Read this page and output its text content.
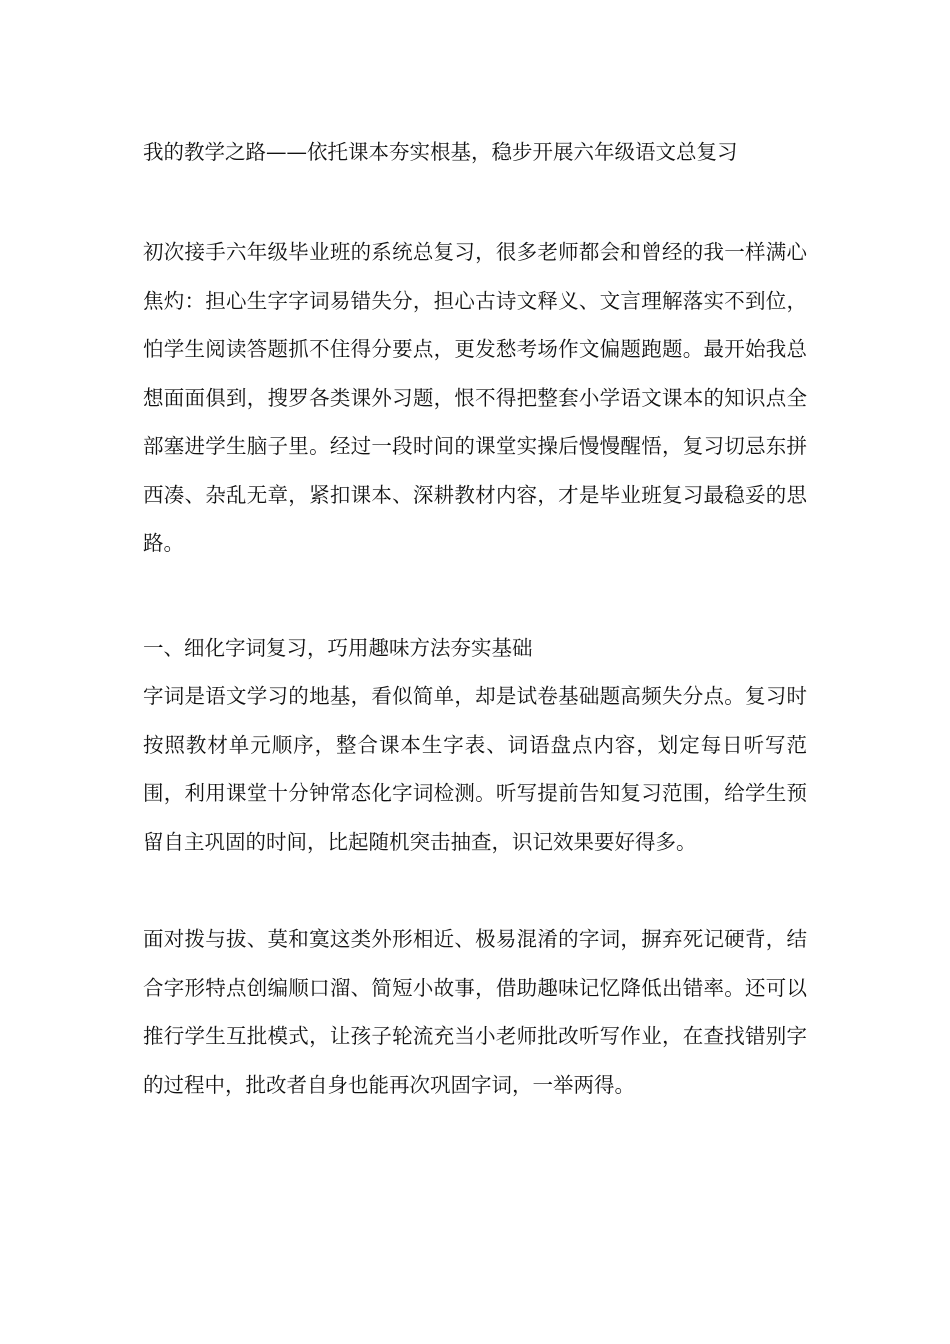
我的教学之路——依托课本夯实根基，稳步开展六年级语文总复习

初次接手六年级毕业班的系统总复习，很多老师都会和曾经的我一样满心焦灼：担心生字字词易错失分，担心古诗文释义、文言理解落实不到位，怕学生阅读答题抓不住得分要点，更发愁考场作文偏题跑题。最开始我总想面面俱到，搜罗各类课外习题，恨不得把整套小学语文课本的知识点全部塞进学生脑子里。经过一段时间的课堂实操后慢慢醒悟，复习切忌东拼西凑、杂乱无章，紧扣课本、深耕教材内容，才是毕业班复习最稳妥的思路。

一、细化字词复习，巧用趣味方法夯实基础

字词是语文学习的地基，看似简单，却是试卷基础题高频失分点。复习时按照教材单元顺序，整合课本生字表、词语盘点内容，划定每日听写范围，利用课堂十分钟常态化字词检测。听写提前告知复习范围，给学生预留自主巩固的时间，比起随机突击抽查，识记效果要好得多。

面对拨与拔、莫和寞这类外形相近、极易混淆的字词，摒弃死记硬背，结合字形特点创编顺口溜、简短小故事，借助趣味记忆降低出错率。还可以推行学生互批模式，让孩子轮流充当小老师批改听写作业，在查找错别字的过程中，批改者自身也能再次巩固字词，一举两得。
